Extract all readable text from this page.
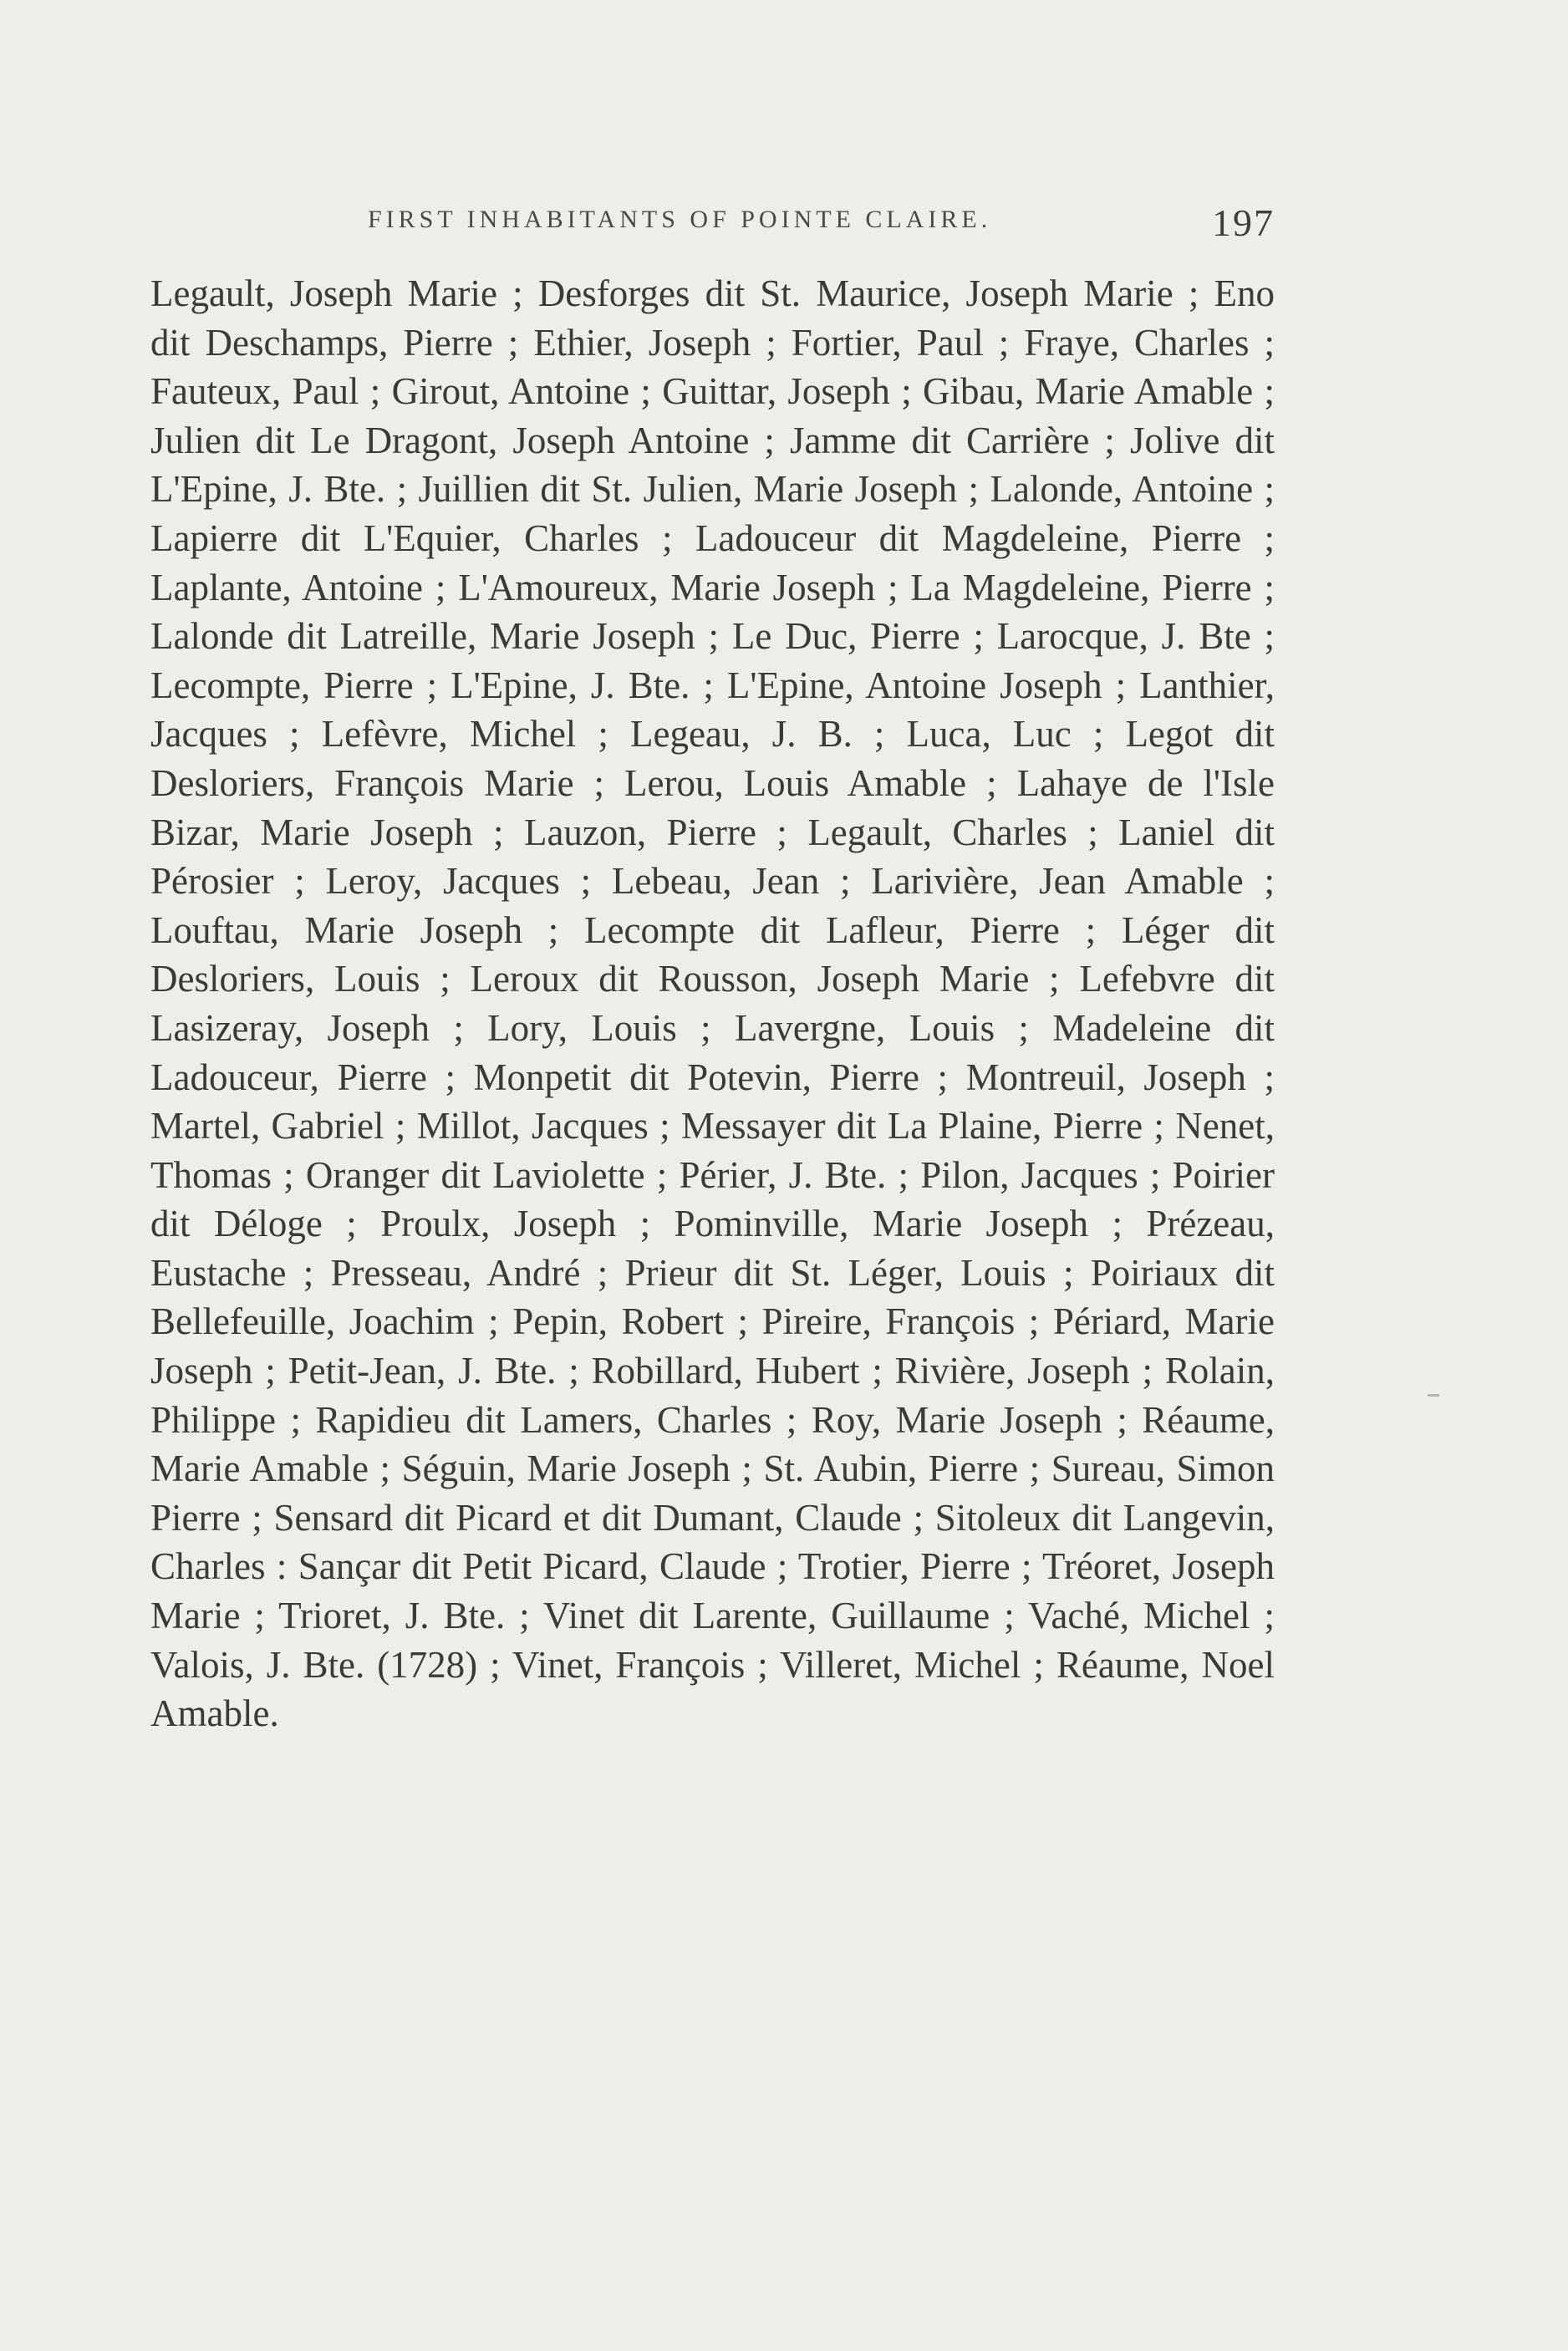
FIRST INHABITANTS OF POINTE CLAIRE.	197

Legault, Joseph Marie ; Desforges dit St. Maurice, Joseph Marie ; Eno dit Deschamps, Pierre ; Ethier, Joseph ; Fortier, Paul ; Fraye, Charles ; Fauteux, Paul ; Girout, Antoine ; Guittar, Joseph ; Gibau, Marie Amable ; Julien dit Le Dragont, Joseph Antoine ; Jamme dit Carrière ; Jolive dit L'Epine, J. Bte. ; Juillien dit St. Julien, Marie Joseph ; Lalonde, Antoine ; Lapierre dit L'Equier, Charles ; Ladouceur dit Magdeleine, Pierre ; Laplante, Antoine ; L'Amoureux, Marie Joseph ; La Magdeleine, Pierre ; Lalonde dit Latreille, Marie Joseph ; Le Duc, Pierre ; Larocque, J. Bte ; Lecompte, Pierre ; L'Epine, J. Bte. ; L'Epine, Antoine Joseph ; Lanthier, Jacques ; Lefèvre, Michel ; Legeau, J. B. ; Luca, Luc ; Legot dit Desloriers, François Marie ; Lerou, Louis Amable ; Lahaye de l'Isle Bizar, Marie Joseph ; Lauzon, Pierre ; Legault, Charles ; Laniel dit Pérosier ; Leroy, Jacques ; Lebeau, Jean ; Larivière, Jean Amable ; Louftau, Marie Joseph ; Lecompte dit Lafleur, Pierre ; Léger dit Desloriers, Louis ; Leroux dit Rousson, Joseph Marie ; Lefebvre dit Lasizeray, Joseph ; Lory, Louis ; Lavergne, Louis ; Madeleine dit Ladouceur, Pierre ; Monpetit dit Potevin, Pierre ; Montreuil, Joseph ; Martel, Gabriel ; Millot, Jacques ; Messayer dit La Plaine, Pierre ; Nenet, Thomas ; Oranger dit Laviolette ; Périer, J. Bte. ; Pilon, Jacques ; Poirier dit Déloge ; Proulx, Joseph ; Pominville, Marie Joseph ; Prézeau, Eustache ; Presseau, André ; Prieur dit St. Léger, Louis ; Poiriaux dit Bellefeuille, Joachim ; Pepin, Robert ; Pireire, François ; Périard, Marie Joseph ; Petit-Jean, J. Bte. ; Robillard, Hubert ; Rivière, Joseph ; Rolain, Philippe ; Rapidieu dit Lamers, Charles ; Roy, Marie Joseph ; Réaume, Marie Amable ; Séguin, Marie Joseph ; St. Aubin, Pierre ; Sureau, Simon Pierre ; Sensard dit Picard et dit Dumant, Claude ; Sitoleux dit Langevin, Charles : Sançar dit Petit Picard, Claude ; Trotier, Pierre ; Tréoret, Joseph Marie ; Trioret, J. Bte. ; Vinet dit Larente, Guillaume ; Vaché, Michel ; Valois, J. Bte. (1728) ; Vinet, François ; Villeret, Michel ; Réaume, Noel Amable.
